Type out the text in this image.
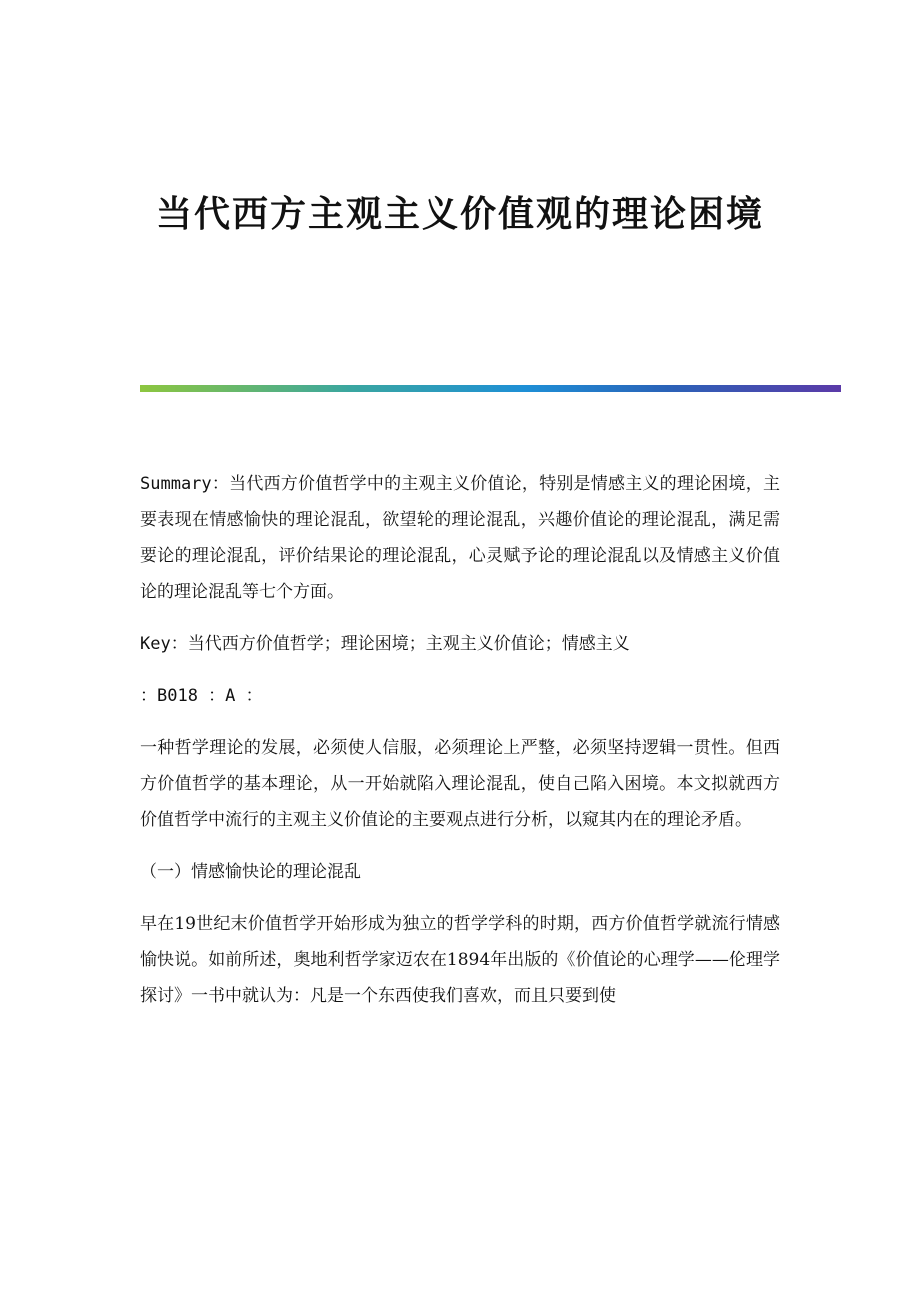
当代西方主观主义价值观的理论困境

Summary：当代西方价值哲学中的主观主义价值论，特别是情感主义的理论困境，主要表现在情感愉快的理论混乱，欲望轮的理论混乱，兴趣价值论的理论混乱，满足需要论的理论混乱，评价结果论的理论混乱，心灵赋予论的理论混乱以及情感主义价值论的理论混乱等七个方面。

Key：当代西方价值哲学；理论困境；主观主义价值论；情感主义

：B018 ：A ：

一种哲学理论的发展，必须使人信服，必须理论上严整，必须坚持逻辑一贯性。但西方价值哲学的基本理论，从一开始就陷入理论混乱，使自己陷入困境。本文拟就西方价值哲学中流行的主观主义价值论的主要观点进行分析，以窥其内在的理论矛盾。

（一）情感愉快论的理论混乱

早在19世纪末价值哲学开始形成为独立的哲学学科的时期，西方价值哲学就流行情感愉快说。如前所述，奥地利哲学家迈农在1894年出版的《价值论的心理学——伦理学探讨》一书中就认为：凡是一个东西使我们喜欢，而且只要到使
